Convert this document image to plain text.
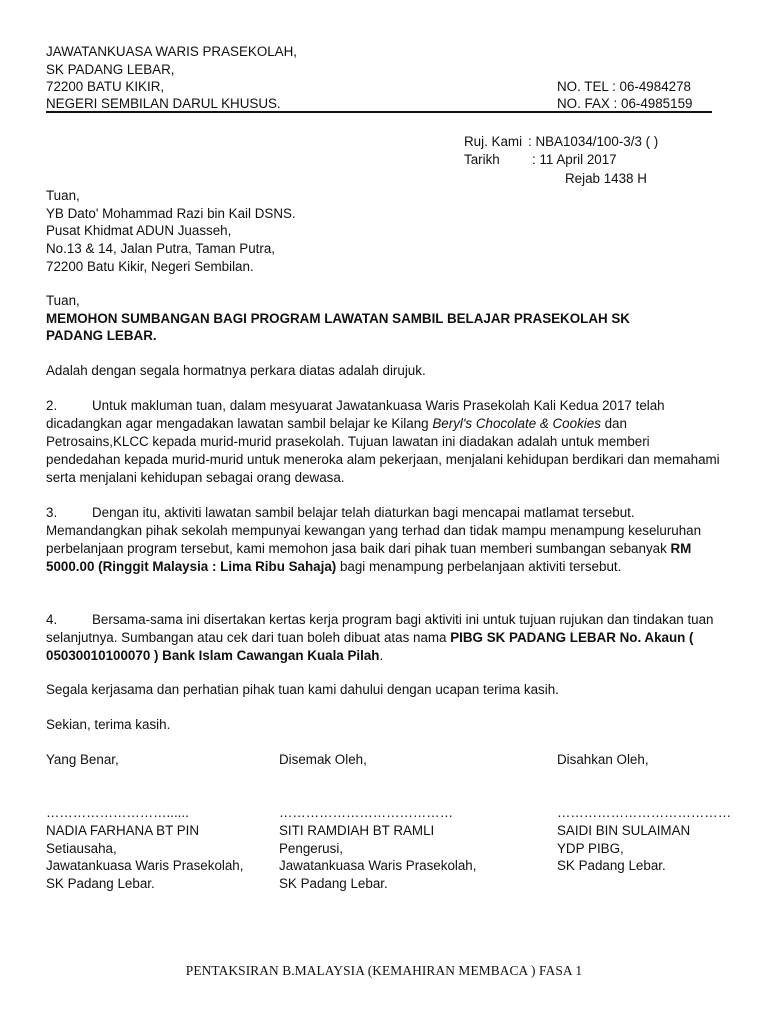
JAWATANKUASA WARIS PRASEKOLAH,
SK PADANG LEBAR,
72200 BATU KIKIR,
NEGERI SEMBILAN DARUL KHUSUS.
NO. TEL : 06-4984278
NO. FAX : 06-4985159
Ruj. Kami : NBA1034/100-3/3 ( )
Tarikh : 11 April 2017
Rejab 1438 H
Tuan,
YB Dato' Mohammad Razi bin Kail DSNS.
Pusat Khidmat ADUN Juasseh,
No.13 & 14, Jalan Putra, Taman Putra,
72200 Batu Kikir, Negeri Sembilan.
Tuan,
MEMOHON SUMBANGAN BAGI PROGRAM LAWATAN SAMBIL BELAJAR PRASEKOLAH SK
PADANG LEBAR.
Adalah dengan segala hormatnya perkara diatas adalah dirujuk.
2.	Untuk makluman tuan, dalam mesyuarat Jawatankuasa Waris Prasekolah Kali Kedua 2017 telah dicadangkan agar mengadakan lawatan sambil belajar ke Kilang Beryl's Chocolate & Cookies dan Petrosains,KLCC kepada murid-murid prasekolah. Tujuan lawatan ini diadakan adalah untuk memberi pendedahan kepada murid-murid untuk meneroka alam pekerjaan, menjalani kehidupan berdikari dan memahami serta menjalani kehidupan sebagai orang dewasa.
3.	Dengan itu, aktiviti lawatan sambil belajar telah diaturkan bagi mencapai matlamat tersebut. Memandangkan pihak sekolah mempunyai kewangan yang terhad dan tidak mampu menampung keseluruhan perbelanjaan program tersebut, kami memohon jasa baik dari pihak tuan memberi sumbangan sebanyak RM 5000.00 (Ringgit Malaysia : Lima Ribu Sahaja) bagi menampung perbelanjaan aktiviti tersebut.
4.	Bersama-sama ini disertakan kertas kerja program bagi aktiviti ini untuk tujuan rujukan dan tindakan tuan selanjutnya. Sumbangan atau cek dari tuan boleh dibuat atas nama PIBG SK PADANG LEBAR No. Akaun ( 05030010100070 ) Bank Islam Cawangan Kuala Pilah.
Segala kerjasama dan perhatian pihak tuan kami dahului dengan ucapan terima kasih.
Sekian, terima kasih.
Yang Benar,
………………………......
NADIA FARHANA BT PIN
Setiausaha,
Jawatankuasa Waris Prasekolah,
SK Padang Lebar.
Disemak Oleh,
…………………………………
SITI RAMDIAH BT RAMLI
Pengerusi,
Jawatankuasa Waris Prasekolah,
SK Padang Lebar.
Disahkan Oleh,
…………………………………
SAIDI BIN SULAIMAN
YDP PIBG,
SK Padang Lebar.
PENTAKSIRAN B.MALAYSIA (KEMAHIRAN MEMBACA ) FASA 1
